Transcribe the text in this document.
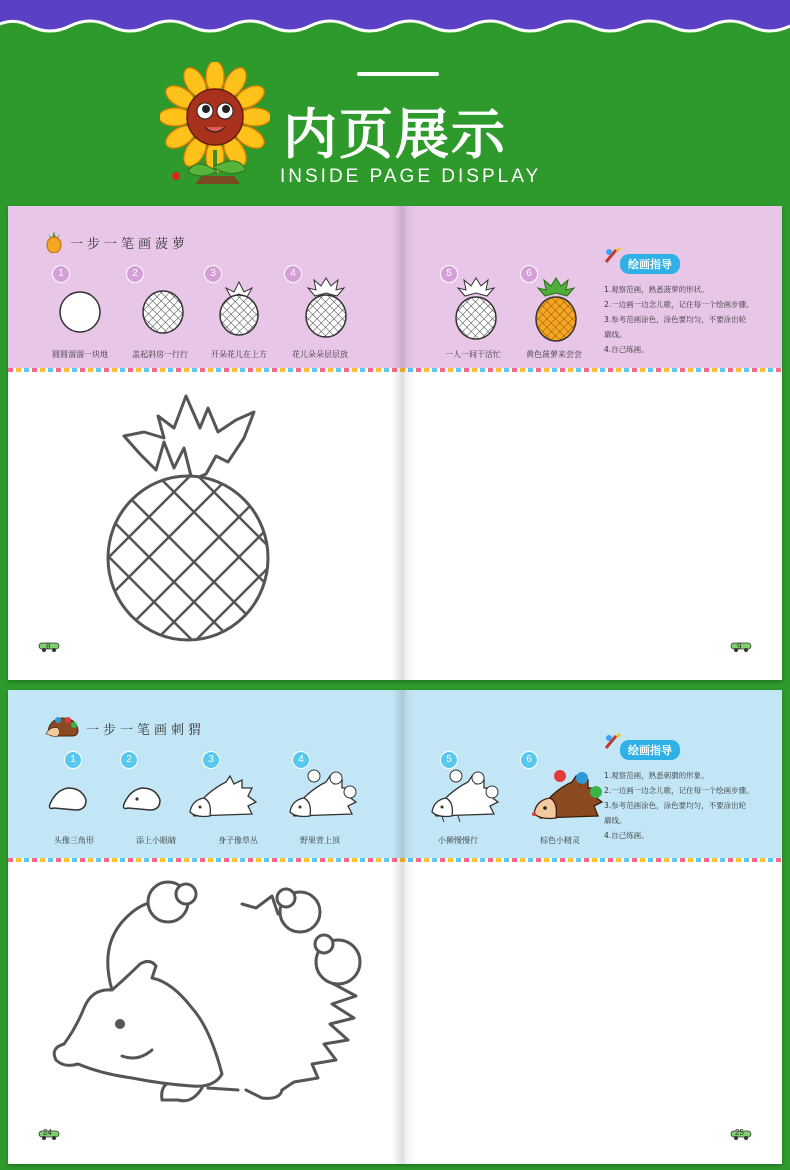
内页展示
INSIDE PAGE DISPLAY
一步一笔画菠萝
1	2	3	4	5	6
圆圆溜溜一块地	盖起斜房一行行	开朵花儿在上方	花儿朵朵层层放	一人一间干活忙	黄色菠萝来尝尝
绘画指导
1.观察范画，熟悉菠萝的形状。
2.一边画一边念儿歌，记住每一个绘画步骤。
3.参考范画涂色，涂色要均匀，不要涂出轮
廓线。
4.自己练画。
8	9
一步一笔画刺猬
1	2	3	4	5	6
头像三角形	添上小眼睛	身子像草丛	野果背上顶	小狮慢慢行	棕色小精灵
绘画指导
1.观察范画，熟悉刺猬的形象。
2.一边画一边念儿歌，记住每一个绘画步骤。
3.参考范画涂色，涂色要均匀，不要涂出轮
廓线。
4.自己练画。
24	25
